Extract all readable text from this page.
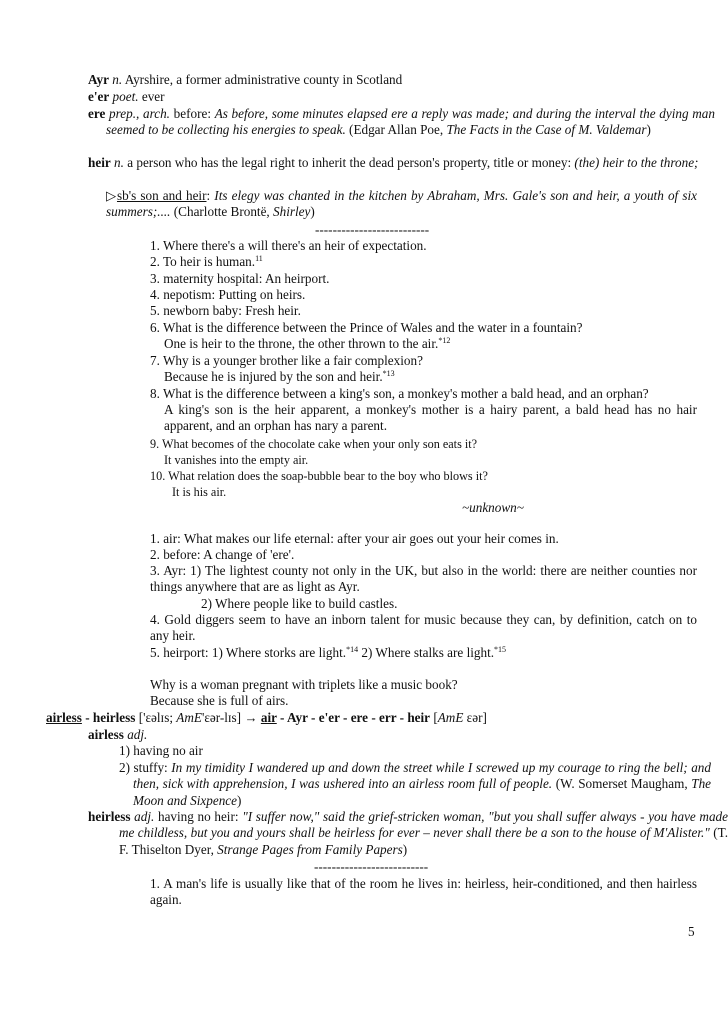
Ayr n. Ayrshire, a former administrative county in Scotland
e'er poet. ever
ere prep., arch. before: As before, some minutes elapsed ere a reply was made; and during the interval the dying man seemed to be collecting his energies to speak. (Edgar Allan Poe, The Facts in the Case of M. Valdemar)
heir n. a person who has the legal right to inherit the dead person's property, title or money: (the) heir to the throne;
▷sb's son and heir: Its elegy was chanted in the kitchen by Abraham, Mrs. Gale's son and heir, a youth of six summers;.... (Charlotte Brontë, Shirley)
--------------------------
1. Where there's a will there's an heir of expectation.
2. To heir is human.$^{11}$
3. maternity hospital: An heirport.
4. nepotism: Putting on heirs.
5. newborn baby: Fresh heir.
6. What is the difference between the Prince of Wales and the water in a fountain?
One is heir to the throne, the other thrown to the air.$^{*12}$
7. Why is a younger brother like a fair complexion?
Because he is injured by the son and heir.$^{*13}$
8. What is the difference between a king's son, a monkey's mother a bald head, and an orphan?
A king's son is the heir apparent, a monkey's mother is a hairy parent, a bald head has no hair apparent, and an orphan has nary a parent.
9. What becomes of the chocolate cake when your only son eats it?
It vanishes into the empty air.
10. What relation does the soap-bubble bear to the boy who blows it?
It is his air.
~unknown~
1. air: What makes our life eternal: after your air goes out your heir comes in.
2. before: A change of 'ere'.
3. Ayr: 1) The lightest county not only in the UK, but also in the world: there are neither counties nor things anywhere that are as light as Ayr.
2) Where people like to build castles.
4. Gold diggers seem to have an inborn talent for music because they can, by definition, catch on to any heir.
5. heirport: 1) Where storks are light.$^{*14}$ 2) Where stalks are light.$^{*15}$
Why is a woman pregnant with triplets like a music book?
Because she is full of airs.
airless - heirless ['ɛəlɪs; AmE'ɛər-lɪs] → air - Ayr - e'er - ere - err - heir [AmE ɛər]
airless adj.
1) having no air
2) stuffy: In my timidity I wandered up and down the street while I screwed up my courage to ring the bell; and then, sick with apprehension, I was ushered into an airless room full of people. (W. Somerset Maugham, The Moon and Sixpence)
heirless adj. having no heir: "I suffer now," said the grief-stricken woman, "but you shall suffer always - you have made me childless, but you and yours shall be heirless for ever – never shall there be a son to the house of M'Alister." (T. F. Thiselton Dyer, Strange Pages from Family Papers)
--------------------------
1. A man's life is usually like that of the room he lives in: heirless, heir-conditioned, and then hairless again.
5
